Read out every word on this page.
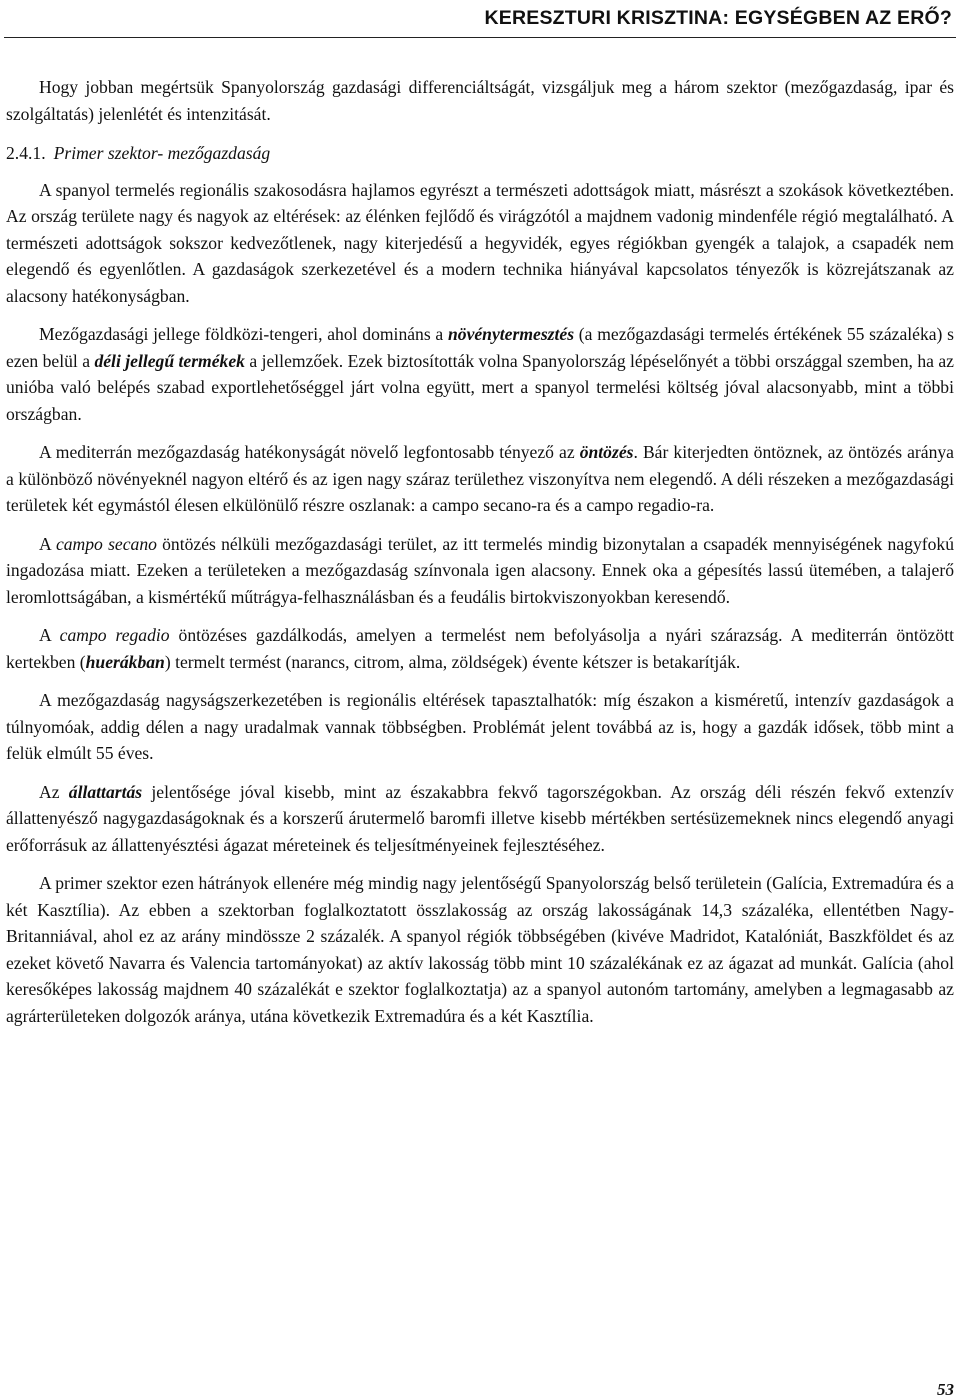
KERESZTURI KRISZTINA: EGYSÉGBEN AZ ERŐ?

Hogy jobban megértsük Spanyolország gazdasági differenciáltságát, vizsgáljuk meg a három szektor (mezőgazdaság, ipar és szolgáltatás) jelenlétét és intenzitását.

2.4.1. Primer szektor- mezőgazdaság

A spanyol termelés regionális szakosodásra hajlamos egyrészt a természeti adottságok miatt, másrészt a szokások következtében. Az ország területe nagy és nagyok az eltérések: az élénken fejlődő és virágzótól a majdnem vadonig mindenféle régió megtalálható. A természeti adottságok sokszor kedvezőtlenek, nagy kiterjedésű a hegyvidék, egyes régiókban gyengék a talajok, a csapadék nem elegendő és egyenlőtlen. A gazdaságok szerkezetével és a modern technika hiányával kapcsolatos tényezők is közrejátszanak az alacsony hatékonyságban.

Mezőgazdasági jellege földközi-tengeri, ahol domináns a növénytermesztés (a mezőgazdasági termelés értékének 55 százaléka) s ezen belül a déli jellegű termékek a jellemzőek. Ezek biztosították volna Spanyolország lépéselőnyét a többi országgal szemben, ha az unióba való belépés szabad exportlehetőséggel járt volna együtt, mert a spanyol termelési költség jóval alacsonyabb, mint a többi országban.

A mediterrán mezőgazdaság hatékonyságát növelő legfontosabb tényező az öntözés. Bár kiterjedten öntöznek, az öntözés aránya a különböző növényeknél nagyon eltérő és az igen nagy száraz területhez viszonyítva nem elegendő. A déli részeken a mezőgazdasági területek két egymástól élesen elkülönülő részre oszlanak: a campo secano-ra és a campo regadio-ra.

A campo secano öntözés nélküli mezőgazdasági terület, az itt termelés mindig bizonytalan a csapadék mennyiségének nagyfokú ingadozása miatt. Ezeken a területeken a mezőgazdaság színvonala igen alacsony. Ennek oka a gépesítés lassú ütemében, a talajerő leromlottságában, a kismértékű műtrágya-felhasználásban és a feudális birtokviszonyokban keresendő.

A campo regadio öntözéses gazdálkodás, amelyen a termelést nem befolyásolja a nyári szárazság. A mediterrán öntözött kertekben (huerákban) termelt termést (narancs, citrom, alma, zöldségek) évente kétszer is betakarítják.

A mezőgazdaság nagyságszerkezetében is regionális eltérések tapasztalhatók: míg északon a kisméretű, intenzív gazdaságok a túlnyomóak, addig délen a nagy uradalmak vannak többségben. Problémát jelent továbbá az is, hogy a gazdák idősek, több mint a felük elmúlt 55 éves.

Az állattartás jelentősége jóval kisebb, mint az északabbra fekvő tagorszégokban. Az ország déli részén fekvő extenzív állattenyésző nagygazdaságoknak és a korszerű árutermelő baromfi illetve kisebb mértékben sertésüzemeknek nincs elegendő anyagi erőforrásuk az állattenyésztési ágazat méreteinek és teljesítményeinek fejlesztéséhez.

A primer szektor ezen hátrányok ellenére még mindig nagy jelentőségű Spanyolország belső területein (Galícia, Extremadúra és a két Kasztília). Az ebben a szektorban foglalkoztatott összlakosság az ország lakosságának 14,3 százaléka, ellentétben Nagy-Britanniával, ahol ez az arány mindössze 2 százalék. A spanyol régiók többségében (kivéve Madridot, Katalóniát, Baszkföldet és az ezeket követő Navarra és Valencia tartományokat) az aktív lakosság több mint 10 százalékának ez az ágazat ad munkát. Galícia (ahol keresőképes lakosság majdnem 40 százalékát e szektor foglalkoztatja) az a spanyol autonóm tartomány, amelyben a legmagasabb az agrárterületeken dolgozók aránya, utána következik Extremadúra és a két Kasztília.

53
